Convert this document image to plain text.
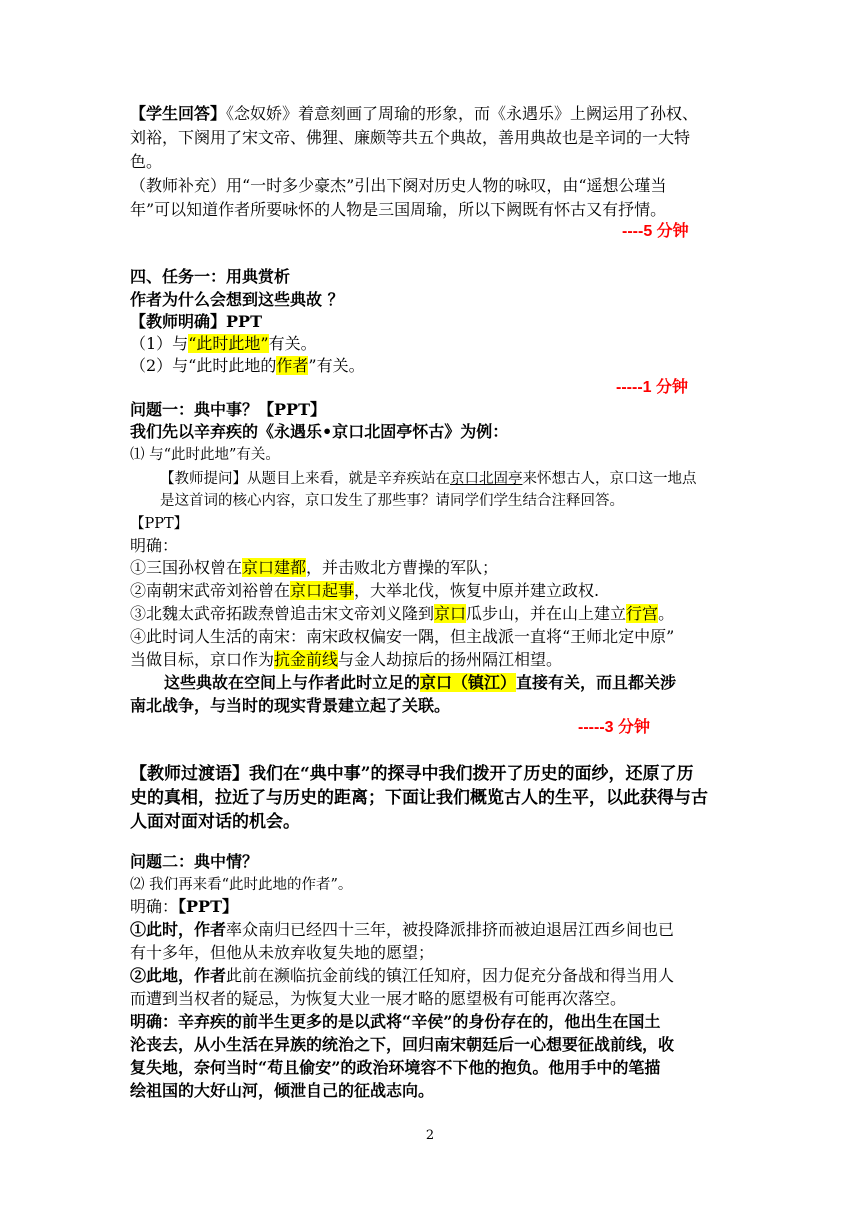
【学生回答】《念奴娇》着意刻画了周瑜的形象，而《永遇乐》上阙运用了孙权、
刘裕，下阕用了宋文帝、佛狸、廉颇等共五个典故，善用典故也是辛词的一大特
色。
（教师补充）用“一时多少豪杰”引出下阕对历史人物的咏叹，由“遥想公瑾当
年”可以知道作者所要咏怀的人物是三国周瑜，所以下阙既有怀古又有抒情。
----5 分钟
四、任务一：用典赏析
作者为什么会想到这些典故 ？
【教师明确】PPT
（1）与“此时此地”有关。
（2）与“此时此地的作者”有关。
-----1 分钟
问题一：典中事？【PPT】
我们先以辛弃疾的《永遇乐•京口北固亭怀古》为例：
⑴ 与“此时此地”有关。
【教师提问】从题目上来看，就是辛弃疾站在京口北固亭来怀想古人，京口这一地点
是这首词的核心内容，京口发生了那些事？请同学们学生结合注释回答。
【PPT】
明确：
①三国孙权曾在京口建都，并击败北方曹操的军队；
②南朝宋武帝刘裕曾在京口起事，大举北伐，恢复中原并建立政权.
③北魏太武帝拓跋焘曾追击宋文帝刘义隆到京口瓜步山，并在山上建立行宫。
④此时词人生活的南宋：南宋政权偏安一隅，但主战派一直将“王师北定中原”
当做目标，京口作为抗金前线与金人劫掠后的扬州隔江相望。
这些典故在空间上与作者此时立足的京口（镇江）直接有关，而且都关涉
南北战争，与当时的现实背景建立起了关联。
-----3 分钟
【教师过渡语】我们在“典中事”的探寻中我们拨开了历史的面纱，还原了历
史的真相，拉近了与历史的距离；下面让我们概览古人的生平，以此获得与古
人面对面对话的机会。
问题二：典中情？
⑵ 我们再来看“此时此地的作者”。
明确：【PPT】
①此时，作者率众南归已经四十三年，被投降派排挤而被迫退居江西乡间也已
有十多年，但他从未放弃收复失地的愿望；
②此地，作者此前在濒临抗金前线的镇江任知府，因力促充分备战和得当用人
而遭到当权者的疑忌，为恢复大业一展才略的愿望极有可能再次落空。
明确：辛弃疾的前半生更多的是以武将“辛侯”的身份存在的，他出生在国土
沦丧去，从小生活在异族的统治之下，回归南宋朝廷后一心想要征战前线，收
复失地，奈何当时“苟且偷安”的政治环境容不下他的抱负。他用手中的笔描
绘祖国的大好山河，倾泄自己的征战志向。
2
